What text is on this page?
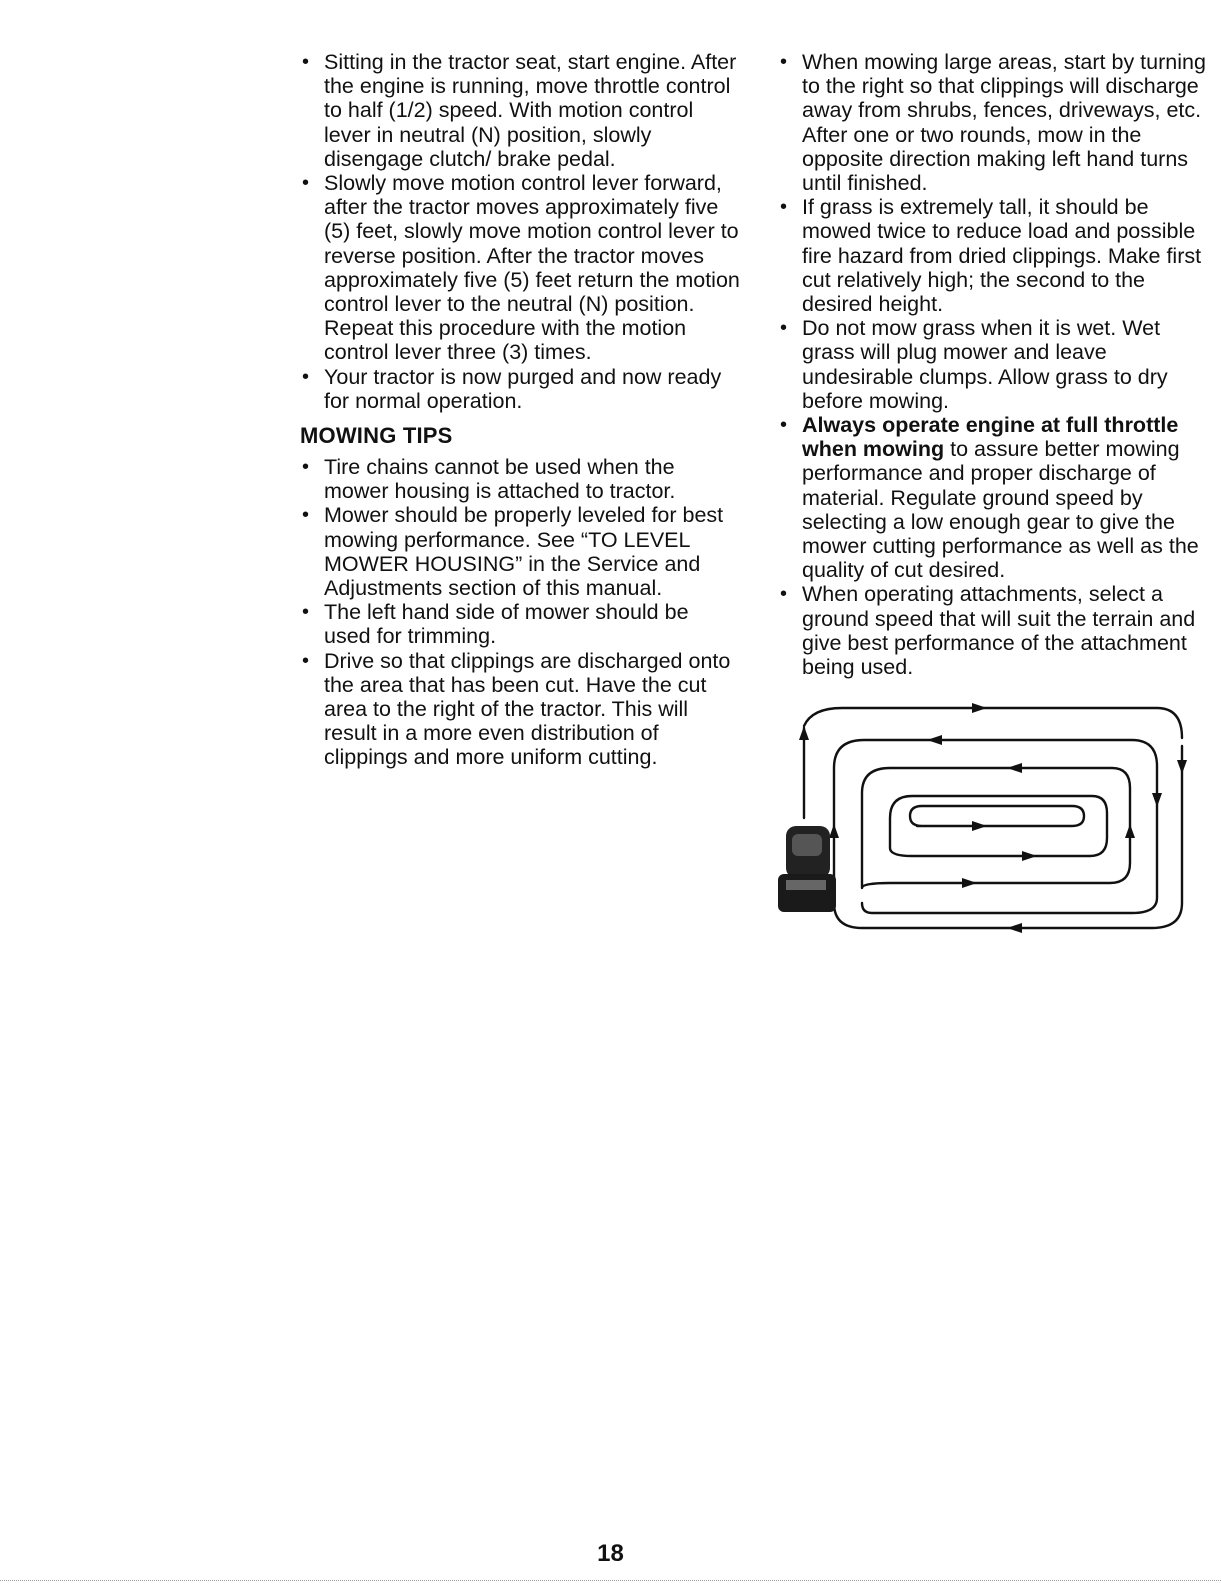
• Sitting in the tractor seat, start engine. After the engine is running, move throttle control to half (1/2) speed. With motion control lever in neutral (N) position, slowly disengage clutch/ brake pedal.
• Slowly move motion control lever forward, after the tractor moves approximately five (5) feet, slowly move motion control lever to reverse position. After the tractor moves approximately five (5) feet return the motion control lever to the neutral (N) position. Repeat this procedure with the motion control lever three (3) times.
• Your tractor is now purged and now ready for normal operation.
MOWING TIPS
• Tire chains cannot be used when the mower housing is attached to tractor.
• Mower should be properly leveled for best mowing performance. See “TO LEVEL MOWER HOUSING” in the Service and Adjustments section of this manual.
• The left hand side of mower should be used for trimming.
• Drive so that clippings are discharged onto the area that has been cut. Have the cut area to the right of the tractor. This will result in a more even distribution of clippings and more uniform cutting.
• When mowing large areas, start by turning to the right so that clippings will discharge away from shrubs, fences, driveways, etc. After one or two rounds, mow in the opposite direction making left hand turns until finished.
• If grass is extremely tall, it should be mowed twice to reduce load and possible fire hazard from dried clippings. Make first cut relatively high; the second to the desired height.
• Do not mow grass when it is wet. Wet grass will plug mower and leave undesirable clumps. Allow grass to dry before mowing.
• Always operate engine at full throttle when mowing to assure better mowing performance and proper discharge of material. Regulate ground speed by selecting a low enough gear to give the mower cutting performance as well as the quality of cut desired.
• When operating attachments, select a ground speed that will suit the terrain and give best performance of the attachment being used.
18
